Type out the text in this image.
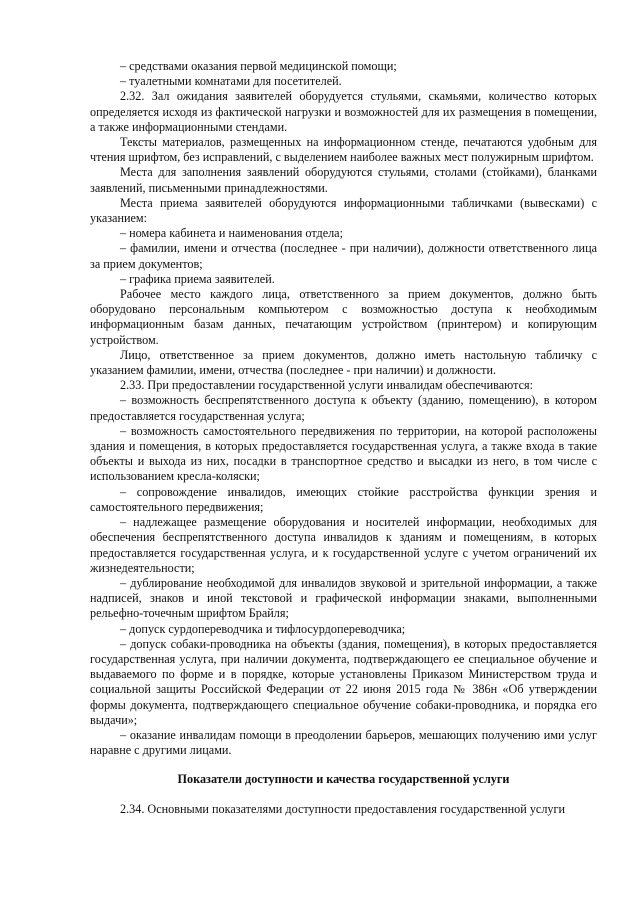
– средствами оказания первой медицинской помощи;

– туалетными комнатами для посетителей.

2.32. Зал ожидания заявителей оборудуется стульями, скамьями, количество которых определяется исходя из фактической нагрузки и возможностей для их размещения в помещении, а также информационными стендами.

Тексты материалов, размещенных на информационном стенде, печатаются удобным для чтения шрифтом, без исправлений, с выделением наиболее важных мест полужирным шрифтом.

Места для заполнения заявлений оборудуются стульями, столами (стойками), бланками заявлений, письменными принадлежностями.

Места приема заявителей оборудуются информационными табличками (вывесками) с указанием:

– номера кабинета и наименования отдела;

– фамилии, имени и отчества (последнее - при наличии), должности ответственного лица за прием документов;

– графика приема заявителей.

Рабочее место каждого лица, ответственного за прием документов, должно быть оборудовано персональным компьютером с возможностью доступа к необходимым информационным базам данных, печатающим устройством (принтером) и копирующим устройством.

Лицо, ответственное за прием документов, должно иметь настольную табличку с указанием фамилии, имени, отчества (последнее - при наличии) и должности.

2.33. При предоставлении государственной услуги инвалидам обеспечиваются:

– возможность беспрепятственного доступа к объекту (зданию, помещению), в котором предоставляется государственная услуга;

– возможность самостоятельного передвижения по территории, на которой расположены здания и помещения, в которых предоставляется государственная услуга, а также входа в такие объекты и выхода из них, посадки в транспортное средство и высадки из него, в том числе с использованием кресла-коляски;

– сопровождение инвалидов, имеющих стойкие расстройства функции зрения и самостоятельного передвижения;

– надлежащее размещение оборудования и носителей информации, необходимых для обеспечения беспрепятственного доступа инвалидов к зданиям и помещениям, в которых предоставляется государственная услуга, и к государственной услуге с учетом ограничений их жизнедеятельности;

– дублирование необходимой для инвалидов звуковой и зрительной информации, а также надписей, знаков и иной текстовой и графической информации знаками, выполненными рельефно-точечным шрифтом Брайля;

– допуск сурдопереводчика и тифлосурдопереводчика;

– допуск собаки-проводника на объекты (здания, помещения), в которых предоставляется государственная услуга, при наличии документа, подтверждающего ее специальное обучение и выдаваемого по форме и в порядке, которые установлены Приказом Министерством труда и социальной защиты Российской Федерации от 22 июня 2015 года № 386н «Об утверждении формы документа, подтверждающего специальное обучение собаки-проводника, и порядка его выдачи»;

– оказание инвалидам помощи в преодолении барьеров, мешающих получению ими услуг наравне с другими лицами.

Показатели доступности и качества государственной услуги

2.34. Основными показателями доступности предоставления государственной услуги
